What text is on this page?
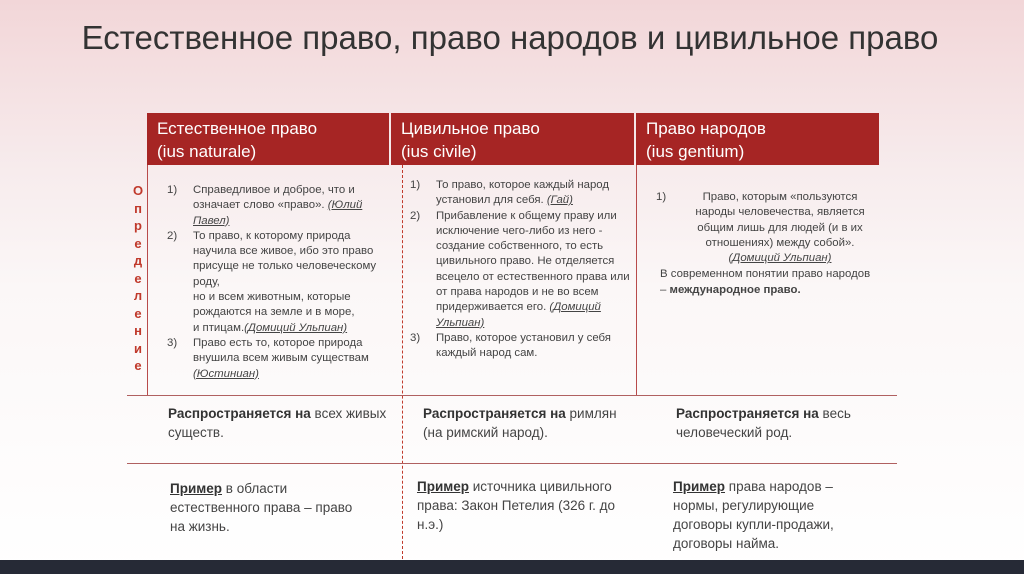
Естественное право, право народов и цивильное право
Естественное право
(ius naturale)
Цивильное право
(ius civile)
Право народов
(ius gentium)
О
п
р
е
д
е
л
е
н
и
е
1) Справедливое и доброе, что и означает слово «право». (Юлий Павел)
2) То право, к которому природа научила все живое, ибо это право присуще не только человеческому роду,
но и всем животным, которые рождаются на земле и в море,
и птицам.(Домиций Ульпиан)
3) Право есть то, которое природа внушила всем живым существам (Юстиниан)
1) То право, которое каждый народ установил для себя. (Гай)
2) Прибавление к общему праву или исключение чего-либо из него - создание собственного, то есть цивильного право. Не отделяется всецело от естественного права или от права народов и не во всем придерживается его. (Домиций Ульпиан)
3) Право, которое установил у себя каждый народ сам.
1)	Право, которым «пользуются народы человечества, является общим лишь для людей (и в их отношениях) между собой». (Домиций Ульпиан)
В современном понятии право народов – международное право.
Распространяется на всех живых существ.
Распространяется на римлян (на римский народ).
Распространяется на весь человеческий род.
Пример в области естественного права – право на жизнь.
Пример источника цивильного права: Закон Петелия (326 г. до н.э.)
Пример права народов – нормы, регулирующие договоры купли-продажи, договоры найма.
